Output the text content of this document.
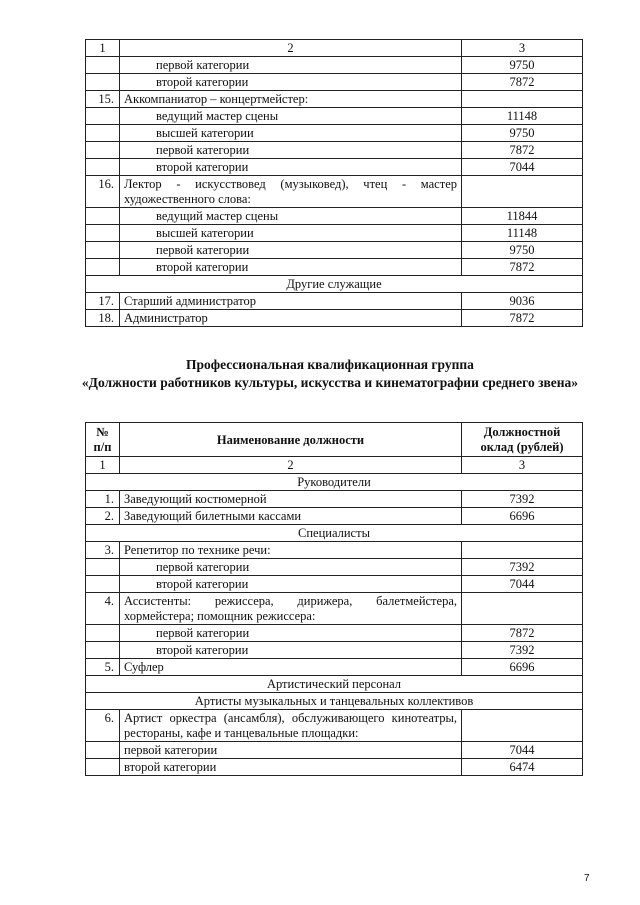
1	2	3
	первой категории	9750
	второй категории	7872
15.	Аккомпаниатор – концертмейстер:	
	ведущий мастер сцены	11148
	высшей категории	9750
	первой категории	7872
	второй категории	7044
16.	Лектор - искусствовед (музыковед), чтец - мастер художественного слова:	
	ведущий мастер сцены	11844
	высшей категории	11148
	первой категории	9750
	второй категории	7872
Другие служащие		
17.	Старший администратор	9036
18.	Администратор	7872
Профессиональная квалификационная группа
«Должности работников культуры, искусства и кинематографии среднего звена»
№ п/п	Наименование должности	Должностной оклад (рублей)
1	2	3
Руководители		
1.	Заведующий костюмерной	7392
2.	Заведующий билетными кассами	6696
Специалисты		
3.	Репетитор по технике речи:	
	первой категории	7392
	второй категории	7044
4.	Ассистенты: режиссера, дирижера, балетмейстера, хормейстера; помощник режиссера:	
	первой категории	7872
	второй категории	7392
5.	Суфлер	6696
Артистический персонал		
Артисты музыкальных и танцевальных коллективов		
6.	Артист оркестра (ансамбля), обслуживающего кинотеатры, рестораны, кафе и танцевальные площадки:	
	первой категории	7044
	второй категории	6474
7
